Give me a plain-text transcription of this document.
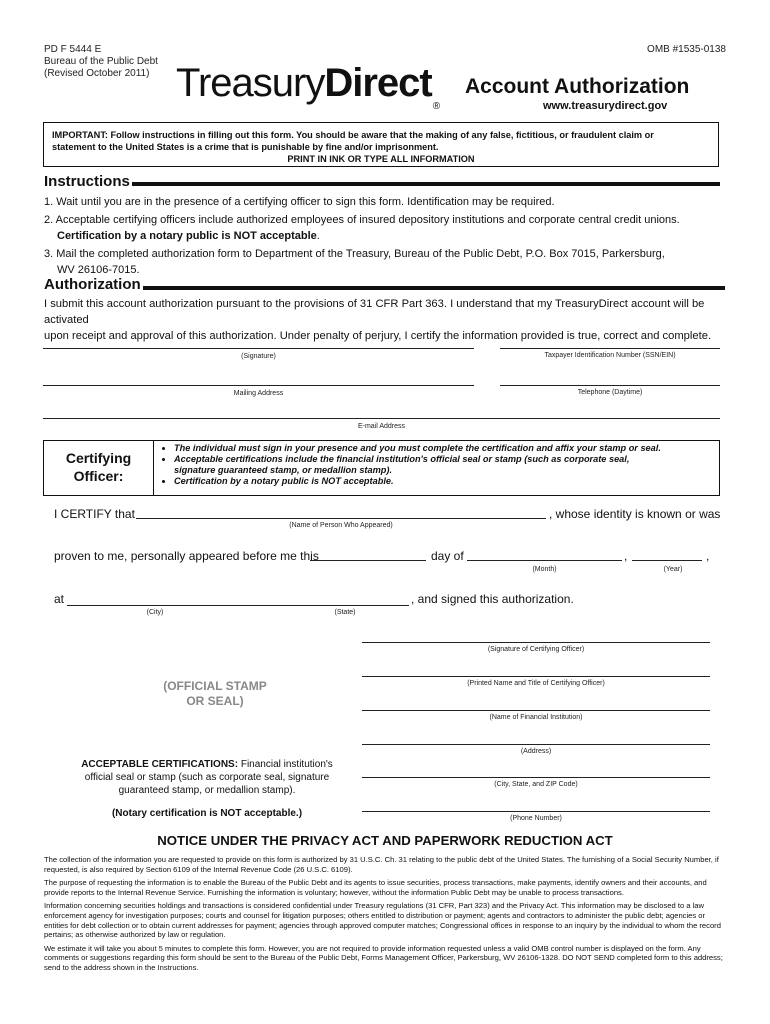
PD F 5444 E
Bureau of the Public Debt
(Revised October 2011)
OMB #1535-0138
TreasuryDirect®
Account Authorization
www.treasurydirect.gov
IMPORTANT: Follow instructions in filling out this form. You should be aware that the making of any false, fictitious, or fraudulent claim or
statement to the United States is a crime that is punishable by fine and/or imprisonment.
PRINT IN INK OR TYPE ALL INFORMATION
Instructions

1. Wait until you are in the presence of a certifying officer to sign this form. Identification may be required.

2. Acceptable certifying officers include authorized employees of insured depository institutions and corporate central credit unions.

Certification by a notary public is NOT acceptable.

3. Mail the completed authorization form to Department of the Treasury, Bureau of the Public Debt, P.O. Box 7015, Parkersburg,

WV 26106-7015.

Authorization
I submit this account authorization pursuant to the provisions of 31 CFR Part 363. I understand that my TreasuryDirect account will be activated
upon receipt and approval of this authorization. Under penalty of perjury, I certify the information provided is true, correct and complete.
(Signature)	Taxpayer Identification Number (SSN/EIN)
Mailing Address	Telephone (Daytime)
E-mail Address
Certifying
Officer:
• The individual must sign in your presence and you must complete the certification and affix your stamp or seal.
• Acceptable certifications include the financial institution's official seal or stamp (such as corporate seal,
signature guaranteed stamp, or medallion stamp).
• Certification by a notary public is NOT acceptable.
I CERTIFY that	, whose identity is known or was
(Name of Person Who Appeared)
proven to me, personally appeared before me this	day of	,	,
(Month)	(Year)
at	, and signed this authorization.
(City)	(State)
(Signature of Certifying Officer)
(Printed Name and Title of Certifying Officer)
(Name of Financial Institution)
(Address)
(City, State, and ZIP Code)
(Phone Number)
(OFFICIAL STAMP
OR SEAL)
ACCEPTABLE CERTIFICATIONS: Financial institution's
official seal or stamp (such as corporate seal, signature
guaranteed stamp, or medallion stamp).
(Notary certification is NOT acceptable.)
NOTICE UNDER THE PRIVACY ACT AND PAPERWORK REDUCTION ACT

The collection of the information you are requested to provide on this form is authorized by 31 U.S.C. Ch. 31 relating to the public debt of the United States. The furnishing of a Social Security Number, if requested, is also required by Section 6109 of the Internal Revenue Code (26 U.S.C. 6109).

The purpose of requesting the information is to enable the Bureau of the Public Debt and its agents to issue securities, process transactions, make payments, identify owners and their accounts, and provide reports to the Internal Revenue Service. Furnishing the information is voluntary; however, without the information Public Debt may be unable to process transactions.

Information concerning securities holdings and transactions is considered confidential under Treasury regulations (31 CFR, Part 323) and the Privacy Act. This information may be disclosed to a law enforcement agency for investigation purposes; courts and counsel for litigation purposes; others entitled to distribution or payment; agents and contractors to administer the public debt; agencies or entities for debt collection or to obtain current addresses for payment; agencies through approved computer matches; Congressional offices in response to an inquiry by the individual to whom the record pertains; as otherwise authorized by law or regulation.

We estimate it will take you about 5 minutes to complete this form. However, you are not required to provide information requested unless a valid OMB control number is displayed on the form. Any comments or suggestions regarding this form should be sent to the Bureau of the Public Debt, Forms Management Officer, Parkersburg, WV 26106-1328. DO NOT SEND completed form to this address; send to the address shown in the Instructions.
